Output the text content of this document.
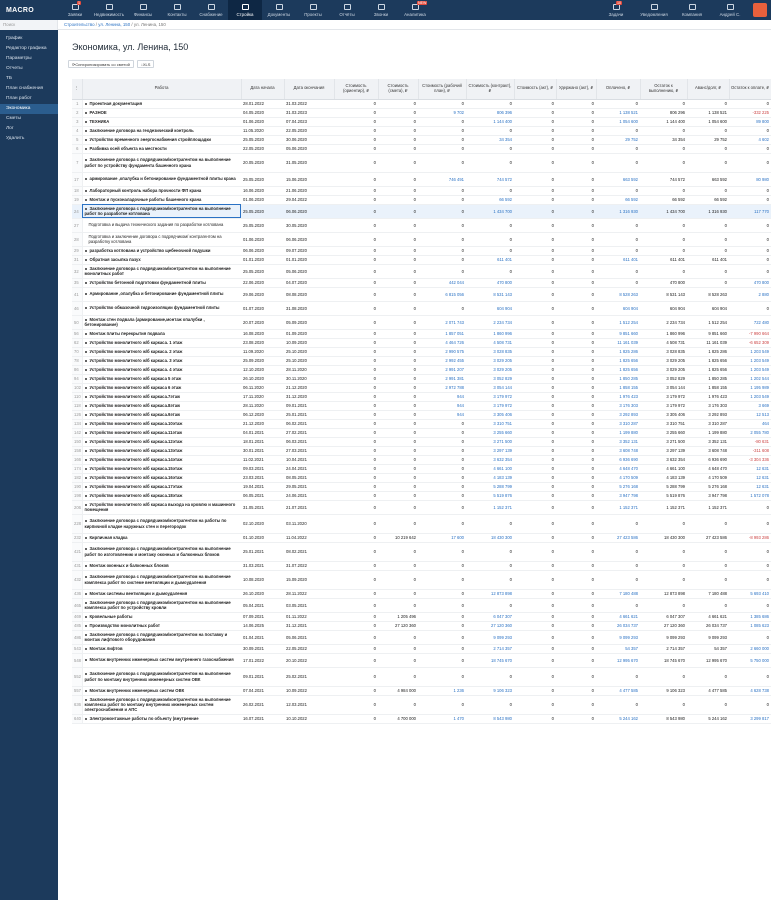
MACRO
Заявки
1
Недвижимость Финансы	Контакты	Снабжение	Стройка	Документы	Проекты	Отчёты	Звонки	Аналитика
NEW
Задачи
10
Уведомления	Компания	Андрей С.
Поиск	Строительство / ул. Ленина, 150 / ул. Ленина, 150
График
Редактор графика
Параметры
Отчеты
ТБ
План снабжения
План работ
Экономика
Сметы
Лог
Удалить
Экономика, ул. Ленина, 150
⟳ Синхронизировать со сметой	↓ XLS
⋮	Работа	Дата начала	Дата окончания	Стоимость (ориентир), ₽	Стоимость (смета), ₽	Стоимость (рабочий план), ₽	Стоимость (контракт), ₽	Стоимость (акт), ₽	Удержано (акт), ₽	Оплачено, ₽	Остаток к выполнению, ₽	Аванс/долг, ₽	Остаток к оплате, ₽
1	Проектная документация	28.01.2022	31.03.2022	0	0	0	0	0	0	0	0	0	0
2	РАЗНОЕ	04.05.2020	31.03.2023	0	0	9 702	806 396	0	0	1 138 521	806 296	1 138 521	-332 225
3	ТЕХНИКА	01.06.2020	07.04.2023	0	0	0	1 144 400	0	0	1 054 600	1 144 400	1 054 600	89 800
4	Заключение договора на геодезический контроль	11.05.2020	22.05.2020	0	0	0	0	0	0	0	0	0	0
5	Устройство временного энергоснабжения стройплощадки	25.05.2020	30.06.2020	0	0	0	34 354	0	0	29 752	34 354	29 752	4 602
6	Разбивка осей объекта на местности	22.05.2020	05.06.2020	0	0	0	0	0	0	0	0	0	0
7	Заключение договора с подрядчиком/контрагентом на выполнение работ по устройству фундамента башенного крана	20.05.2020	31.05.2020	0	0	0	0	0	0	0	0	0	0
17	армирование ,опалубка и бетонирование фундаментной плиты крана	25.05.2020	15.06.2020	0	0	746 491	744 572	0	0	663 592	744 572	663 592	80 980
18	Лабораторный контроль набора прочности ФП крана	16.06.2020	21.06.2020	0	0	0	0	0	0	0	0	0	0
19	Монтаж и пусконаладочные работы башенного крана	01.06.2020	29.04.2022	0	0	0	66 592	0	0	66 592	66 592	66 592	0
24	Заключение договора с подрядчиком/контрагентом на выполнение работ по разработке котлована	25.05.2020	06.06.2020	0	0	0	1 434 700	0	0	1 316 930	1 434 700	1 316 930	117 770
27	Подготовка и выдача технического задания по разработке котлована	25.05.2020	30.05.2020	0	0	0	0	0	0	0	0	0	0
28	Подготовка и заключение договора с подрядчиком/ контрагентом на разработку котлована	01.06.2020	06.06.2020	0	0	0	0	0	0	0	0	0	0
29	разработка котлована и устройство щебеночной подушки	06.06.2020	09.07.2020	0	0	0	0	0	0	0	0	0	0
31	Обратная засыпка пазух	01.01.2020	01.01.2020	0	0	0	611 401	0	0	611 401	611 401	611 401	0
32	Заключение договора с подрядчиком/контрагентом на выполнение монолитных работ	25.05.2020	05.06.2020	0	0	0	0	0	0	0	0	0	0
35	Устройство бетонной подготовки фундаментной плиты	22.06.2020	04.07.2020	0	0	442 044	470 800	0	0	0	470 800	0	470 800
41	Армирование ,опалубка и бетонирование фундаментной плиты	29.06.2020	08.08.2020	0	0	6 815 056	8 531 143	0	0	8 528 263	8 531 143	8 528 263	2 880
46	Устройство обмазочной гидроизоляции фундаментной плиты	01.07.2020	31.08.2020	0	0	0	604 904	0	0	604 904	604 904	604 904	0
50	Монтаж стен подвала (армирование,монтаж опалубки , бетонирование)	20.07.2020	05.09.2020	0	0	2 071 743	2 234 734	0	0	1 512 254	2 234 734	1 512 254	722 480
56	Монтаж плиты перекрытия подвала	16.08.2020	01.09.2020	0	0	1 857 051	1 860 996	0	0	9 851 660	1 860 996	9 851 660	-7 990 664
62	Устройство монолитного ж/б каркаса. 1 этаж	23.08.2020	10.09.2020	0	0	4 464 726	4 508 731	0	0	11 161 039	4 508 731	11 161 039	-6 652 309
70	Устройство монолитного ж/б каркаса. 2 этаж	11.09.2020	25.10.2020	0	0	2 990 575	3 028 835	0	0	1 825 286	3 028 835	1 825 286	1 203 549
78	Устройство монолитного ж/б каркаса. 3 этаж	25.09.2020	25.10.2020	0	0	2 992 455	3 029 205	0	0	1 825 656	3 029 205	1 825 656	1 203 549
86	Устройство монолитного ж/б каркаса. 4 этаж	12.10.2020	28.11.2020	0	0	2 991 207	3 029 205	0	0	1 825 656	3 029 205	1 825 656	1 203 549
94	Устройство монолитного ж/б каркаса 5 этаж	26.10.2020	30.11.2020	0	0	2 991 381	3 052 829	0	0	1 850 285	3 052 829	1 850 285	1 202 544
102	Устройство монолитного ж/б каркаса 6 этаж	06.11.2020	21.12.2020	0	0	2 972 788	3 054 144	0	0	1 858 155	3 054 144	1 858 155	1 195 989
110	Устройство монолитного ж/б каркаса.7этаж	17.11.2020	31.12.2020	0	0	944	3 179 972	0	0	1 976 423	3 179 972	1 976 423	1 203 549
118	Устройство монолитного ж/б каркаса.8этаж	28.11.2020	09.01.2021	0	0	944	3 179 972	0	0	3 176 303	3 179 972	3 176 303	3 669
126	Устройство монолитного ж/б каркаса.9этаж	06.12.2020	25.01.2021	0	0	944	3 305 406	0	0	3 292 893	3 305 406	3 292 893	12 513
134	Устройство монолитного ж/б каркаса.10этаж	21.12.2020	06.02.2021	0	0	0	3 310 751	0	0	3 310 287	3 310 751	3 310 287	464
142	Устройство монолитного ж/б каркаса.11этаж	04.01.2021	27.02.2021	0	0	0	3 255 660	0	0	1 199 880	3 255 660	1 199 880	2 055 780
150	Устройство монолитного ж/б каркаса.12этаж	18.01.2021	06.03.2021	0	0	0	3 271 500	0	0	3 352 131	3 271 500	3 352 131	-80 631
158	Устройство монолитного ж/б каркаса.13этаж	30.01.2021	27.03.2021	0	0	0	3 297 139	0	0	3 608 748	3 297 139	3 608 748	-311 608
166	Устройство монолитного ж/б каркаса.14этаж	11.02.2021	10.04.2021	0	0	0	3 632 354	0	0	6 936 690	3 632 354	6 936 690	-3 304 336
174	Устройство монолитного ж/б каркаса.15этаж	09.03.2021	24.04.2021	0	0	0	4 661 100	0	0	4 648 470	4 661 100	4 648 470	12 631
182	Устройство монолитного ж/б каркаса.16этаж	23.03.2021	08.05.2021	0	0	0	4 183 139	0	0	4 170 509	4 183 139	4 170 509	12 631
190	Устройство монолитного ж/б каркаса.17этаж	19.04.2021	29.05.2021	0	0	0	5 288 799	0	0	5 276 168	5 288 799	5 276 168	12 631
198	Устройство монолитного ж/б каркаса.18этаж	06.05.2021	24.06.2021	0	0	0	5 519 876	0	0	3 947 798	5 519 876	3 947 798	1 572 078
206	Устройство монолитного ж/б каркаса выхода на кровлю и машинного помещения	31.05.2021	21.07.2021	0	0	0	1 152 371	0	0	1 152 371	1 152 371	1 152 371	0
228	Заключение договора с подрядчиком/контрагентом на работы по кирпичной кладке наружных стен и перегородок	02.10.2020	03.11.2020	0	0	0	0	0	0	0	0	0	0
232	Кирпичная кладка	01.10.2020	11.04.2022	0	10 219 642	17 600	18 430 300	0	0	27 423 586	18 430 300	27 423 586	-8 993 286
421	Заключение договора с подрядчиком/контрагентом на выполнение работ по изготовлению и монтажу оконных и балконных блоков	25.01.2021	08.02.2021	0	0	0	0	0	0	0	0	0	0
431	Монтаж оконных и балконных блоков	31.03.2021	31.07.2022	0	0	0	0	0	0	0	0	0	0
432	Заключение договора с подрядчиком/контрагентом на выполнение комплекса работ по системе вентиляции и дымоудаления	10.08.2020	15.09.2020	0	0	0	0	0	0	0	0	0	0
436	Монтаж системы вентиляции и дымоудаления	26.10.2020	28.11.2022	0	0	0	12 873 898	0	0	7 180 488	12 873 898	7 180 488	5 693 410
465	Заключение договора с подрядчиком/контрагентом на выполнение комплекса работ по устройству кровли	05.04.2021	03.05.2021	0	0	0	0	0	0	0	0	0	0
469	Кровельные работы	07.09.2021	01.11.2022	0	1 205 496	0	6 047 307	0	0	4 661 621	6 047 307	4 661 621	1 385 686
485	Производство монолитных работ	14.06.2025	31.12.2021	0	27 120 360	0	27 120 360	0	0	26 034 737	27 120 360	26 034 737	1 085 623
486	Заключение договора с подрядчиком/контрагентом на поставку и монтаж лифтового оборудования	01.04.2021	05.06.2021	0	0	0	9 099 293	0	0	9 099 293	9 099 293	9 099 293	0
543	Монтаж лифтов	30.09.2021	22.05.2022	0	0	0	2 714 357	0	0	54 357	2 714 357	54 357	2 660 000
548	Монтаж внутренних инженерных систем внутреннего газоснабжения	17.01.2022	20.10.2022	0	0	0	18 745 670	0	0	12 995 670	18 745 670	12 995 670	5 750 000
552	Заключение договора с подрядчиком/контрагентом на выполнение работ по монтажу внутренних инженерных систем ОВК	09.01.2021	25.02.2021	0	0	0	0	0	0	0	0	0	0
557	Монтаж внутренних инженерных систем ОВК	07.04.2021	10.09.2022	0	4 984 000	1 236	9 106 323	0	0	4 477 585	9 106 323	4 477 585	4 628 738
636	Заключение договора с подрядчиком/контрагентом на выполнение комплекса работ по монтажу внутренних инженерных систем электроснабжения и АПС	26.02.2021	12.03.2021	0	0	0	0	0	0	0	0	0	0
640	Электромонтажные работы по объекту (внутренние	16.07.2021	10.10.2022	0	4 700 000	1 470	8 543 980	0	0	5 244 162	8 543 980	5 244 162	3 299 817
